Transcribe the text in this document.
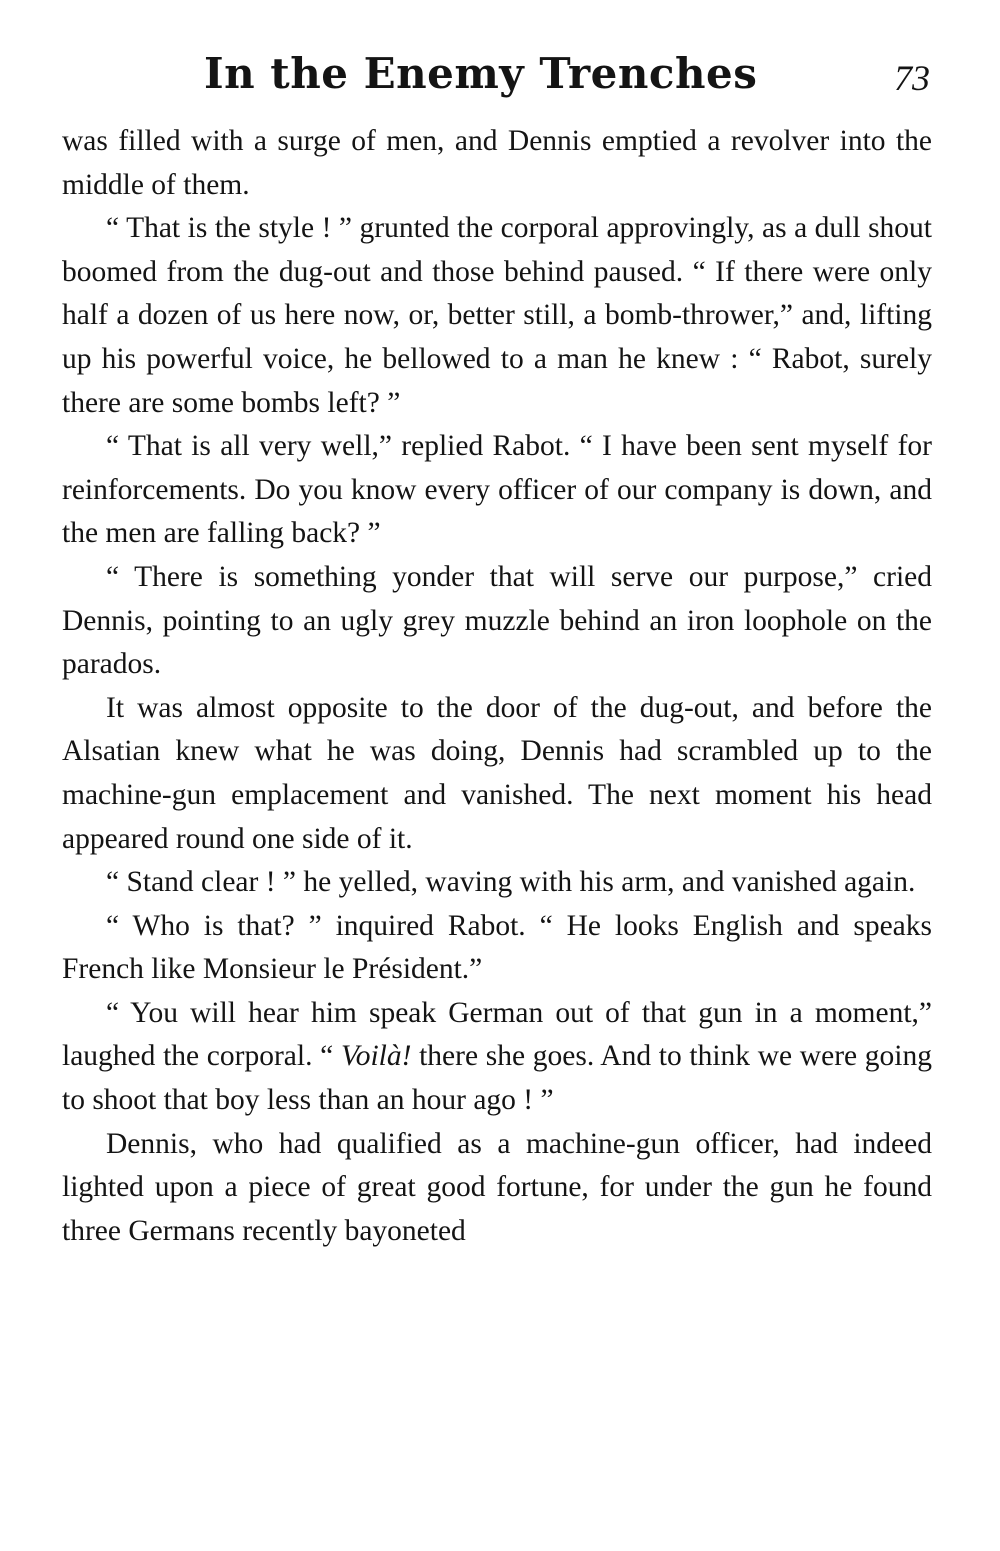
In the Enemy Trenches	73

was filled with a surge of men, and Dennis emptied a revolver into the middle of them.

“ That is the style ! ” grunted the corporal approvingly, as a dull shout boomed from the dug-out and those behind paused. “ If there were only half a dozen of us here now, or, better still, a bomb-thrower,” and, lifting up his powerful voice, he bellowed to a man he knew : “ Rabot, surely there are some bombs left? ”

“ That is all very well,” replied Rabot. “ I have been sent myself for reinforcements. Do you know every officer of our company is down, and the men are falling back? ”

“ There is something yonder that will serve our purpose,” cried Dennis, pointing to an ugly grey muzzle behind an iron loophole on the parados.

It was almost opposite to the door of the dug-out, and before the Alsatian knew what he was doing, Dennis had scrambled up to the machine-gun emplacement and vanished. The next moment his head appeared round one side of it.

“ Stand clear ! ” he yelled, waving with his arm, and vanished again.

“ Who is that? ” inquired Rabot. “ He looks English and speaks French like Monsieur le Président.”

“ You will hear him speak German out of that gun in a moment,” laughed the corporal. “ Voilà! there she goes. And to think we were going to shoot that boy less than an hour ago ! ”

Dennis, who had qualified as a machine-gun officer, had indeed lighted upon a piece of great good fortune, for under the gun he found three Germans recently bayoneted
